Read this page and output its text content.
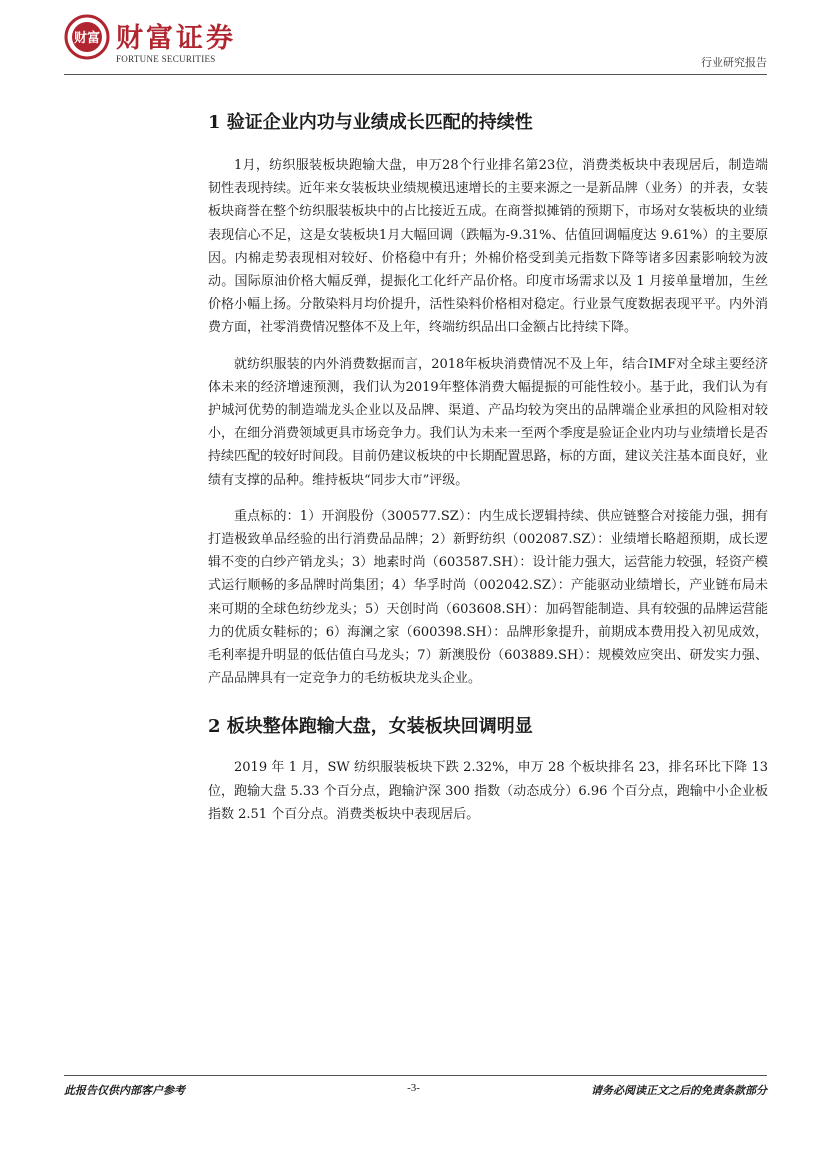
财富 财富证券
FORTUNE SECURITIES	行业研究报告
1 验证企业内功与业绩成长匹配的持续性

1月，纺织服装板块跑输大盘，申万28个行业排名第23位，消费类板块中表现居后，制造端韧性表现持续。近年来女装板块业绩规模迅速增长的主要来源之一是新品牌（业务）的并表，女装板块商誉在整个纺织服装板块中的占比接近五成。在商誉拟摊销的预期下，市场对女装板块的业绩表现信心不足，这是女装板块1月大幅回调（跌幅为-9.31%、估值回调幅度达 9.61%）的主要原因。内棉走势表现相对较好、价格稳中有升；外棉价格受到美元指数下降等诸多因素影响较为波动。国际原油价格大幅反弹，提振化工化纤产品价格。印度市场需求以及 1 月接单量增加，生丝价格小幅上扬。分散染料月均价提升，活性染料价格相对稳定。行业景气度数据表现平平。内外消费方面，社零消费情况整体不及上年，终端纺织品出口金额占比持续下降。

就纺织服装的内外消费数据而言，2018年板块消费情况不及上年，结合IMF对全球主要经济体未来的经济增速预测，我们认为2019年整体消费大幅提振的可能性较小。基于此，我们认为有护城河优势的制造端龙头企业以及品牌、渠道、产品均较为突出的品牌端企业承担的风险相对较小，在细分消费领域更具市场竞争力。我们认为未来一至两个季度是验证企业内功与业绩增长是否持续匹配的较好时间段。目前仍建议板块的中长期配置思路，标的方面，建议关注基本面良好，业绩有支撑的品种。维持板块“同步大市”评级。

重点标的：1）开润股份（300577.SZ）：内生成长逻辑持续、供应链整合对接能力强，拥有打造极致单品经验的出行消费品品牌；2）新野纺织（002087.SZ）：业绩增长略超预期，成长逻辑不变的白纱产销龙头；3）地素时尚（603587.SH）：设计能力强大，运营能力较强，轻资产模式运行顺畅的多品牌时尚集团；4）华孚时尚（002042.SZ）：产能驱动业绩增长，产业链布局未来可期的全球色纺纱龙头；5）天创时尚（603608.SH）：加码智能制造、具有较强的品牌运营能力的优质女鞋标的；6）海澜之家（600398.SH）：品牌形象提升，前期成本费用投入初见成效，毛利率提升明显的低估值白马龙头；7）新澳股份（603889.SH）：规模效应突出、研发实力强、产品品牌具有一定竞争力的毛纺板块龙头企业。

2 板块整体跑输大盘，女装板块回调明显

2019 年 1 月，SW 纺织服装板块下跌 2.32%，申万 28 个板块排名 23，排名环比下降 13 位，跑输大盘 5.33 个百分点，跑输沪深 300 指数（动态成分）6.96 个百分点，跑输中小企业板指数 2.51 个百分点。消费类板块中表现居后。

此报告仅供内部客户参考	-3-	请务必阅读正文之后的免责条款部分
